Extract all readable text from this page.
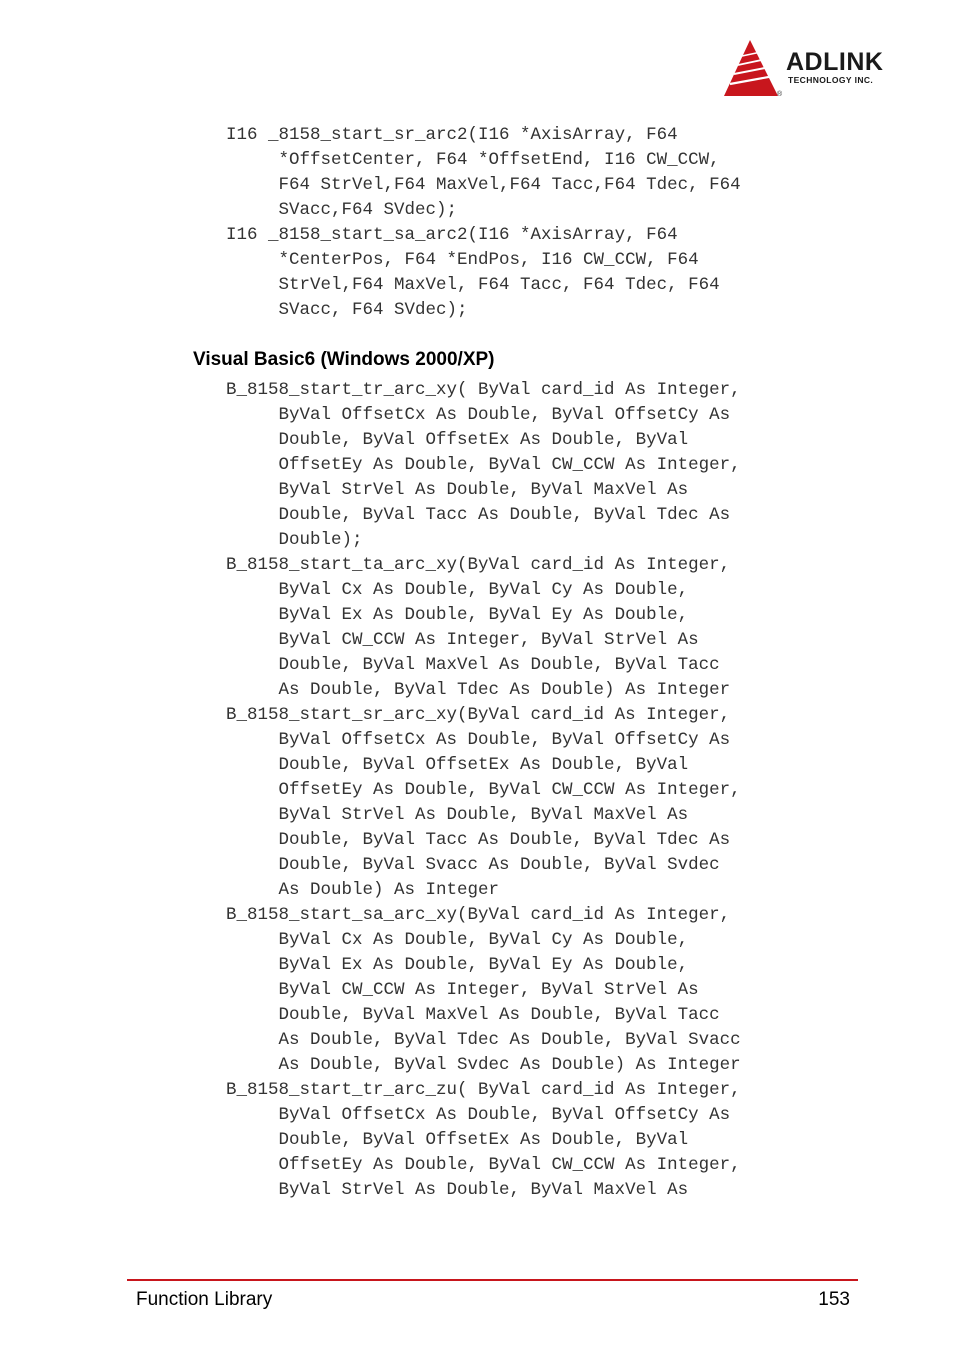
ADLINK
TECHNOLOGY INC.
®
I16 _8158_start_sr_arc2(I16 *AxisArray, F64
*OffsetCenter, F64 *OffsetEnd, I16 CW_CCW,
F64 StrVel,F64 MaxVel,F64 Tacc,F64 Tdec, F64
SVacc,F64 SVdec);
I16 _8158_start_sa_arc2(I16 *AxisArray, F64
*CenterPos, F64 *EndPos, I16 CW_CCW, F64
StrVel,F64 MaxVel, F64 Tacc, F64 Tdec, F64
SVacc, F64 SVdec);
Visual Basic6 (Windows 2000/XP)
B_8158_start_tr_arc_xy( ByVal card_id As Integer,
ByVal OffsetCx As Double, ByVal OffsetCy As
Double, ByVal OffsetEx As Double, ByVal
OffsetEy As Double, ByVal CW_CCW As Integer,
ByVal StrVel As Double, ByVal MaxVel As
Double, ByVal Tacc As Double, ByVal Tdec As
Double);
B_8158_start_ta_arc_xy(ByVal card_id As Integer,
ByVal Cx As Double, ByVal Cy As Double,
ByVal Ex As Double, ByVal Ey As Double,
ByVal CW_CCW As Integer, ByVal StrVel As
Double, ByVal MaxVel As Double, ByVal Tacc
As Double, ByVal Tdec As Double) As Integer
B_8158_start_sr_arc_xy(ByVal card_id As Integer,
ByVal OffsetCx As Double, ByVal OffsetCy As
Double, ByVal OffsetEx As Double, ByVal
OffsetEy As Double, ByVal CW_CCW As Integer,
ByVal StrVel As Double, ByVal MaxVel As
Double, ByVal Tacc As Double, ByVal Tdec As
Double, ByVal Svacc As Double, ByVal Svdec
As Double) As Integer
B_8158_start_sa_arc_xy(ByVal card_id As Integer,
ByVal Cx As Double, ByVal Cy As Double,
ByVal Ex As Double, ByVal Ey As Double,
ByVal CW_CCW As Integer, ByVal StrVel As
Double, ByVal MaxVel As Double, ByVal Tacc
As Double, ByVal Tdec As Double, ByVal Svacc
As Double, ByVal Svdec As Double) As Integer
B_8158_start_tr_arc_zu( ByVal card_id As Integer,
ByVal OffsetCx As Double, ByVal OffsetCy As
Double, ByVal OffsetEx As Double, ByVal
OffsetEy As Double, ByVal CW_CCW As Integer,
ByVal StrVel As Double, ByVal MaxVel As
Function Library	153
